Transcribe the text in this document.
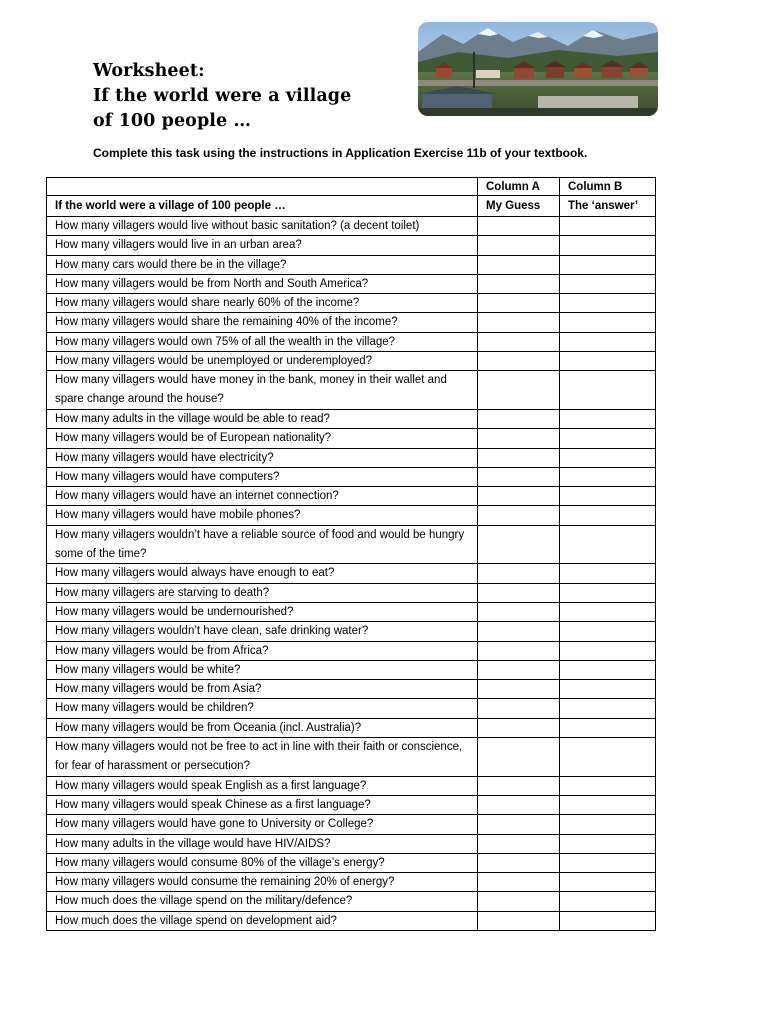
Worksheet:
If the world were a village
of 100 people …
Complete this task using the instructions in Application Exercise 11b of your textbook.
	Column A	Column B
If the world were a village of 100 people …	My Guess	The ‘answer’
How many villagers would live without basic sanitation? (a decent toilet)		
How many villagers would live in an urban area?		
How many cars would there be in the village?		
How many villagers would be from North and South America?		
How many villagers would share nearly 60% of the income?		
How many villagers would share the remaining 40% of the income?		
How many villagers would own 75% of all the wealth in the village?		
How many villagers would be unemployed or underemployed?		
How many villagers would have money in the bank, money in their wallet and spare change around the house?		
How many adults in the village would be able to read?		
How many villagers would be of European nationality?		
How many villagers would have electricity?		
How many villagers would have computers?		
How many villagers would have an internet connection?		
How many villagers would have mobile phones?		
How many villagers wouldn’t have a reliable source of food and would be hungry some of the time?		
How many villagers would always have enough to eat?		
How many villagers are starving to death?		
How many villagers would be undernourished?		
How many villagers wouldn’t have clean, safe drinking water?		
How many villagers would be from Africa?		
How many villagers would be white?		
How many villagers would be from Asia?		
How many villagers would be children?		
How many villagers would be from Oceania (incl. Australia)?		
How many villagers would not be free to act in line with their faith or conscience, for fear of harassment or persecution?		
How many villagers would speak English as a first language?		
How many villagers would speak Chinese as a first language?		
How many villagers would have gone to University or College?		
How many adults in the village would have HIV/AIDS?		
How many villagers would consume 80% of the village’s energy?		
How many villagers would consume the remaining 20% of energy?		
How much does the village spend on the military/defence?		
How much does the village spend on development aid?		
